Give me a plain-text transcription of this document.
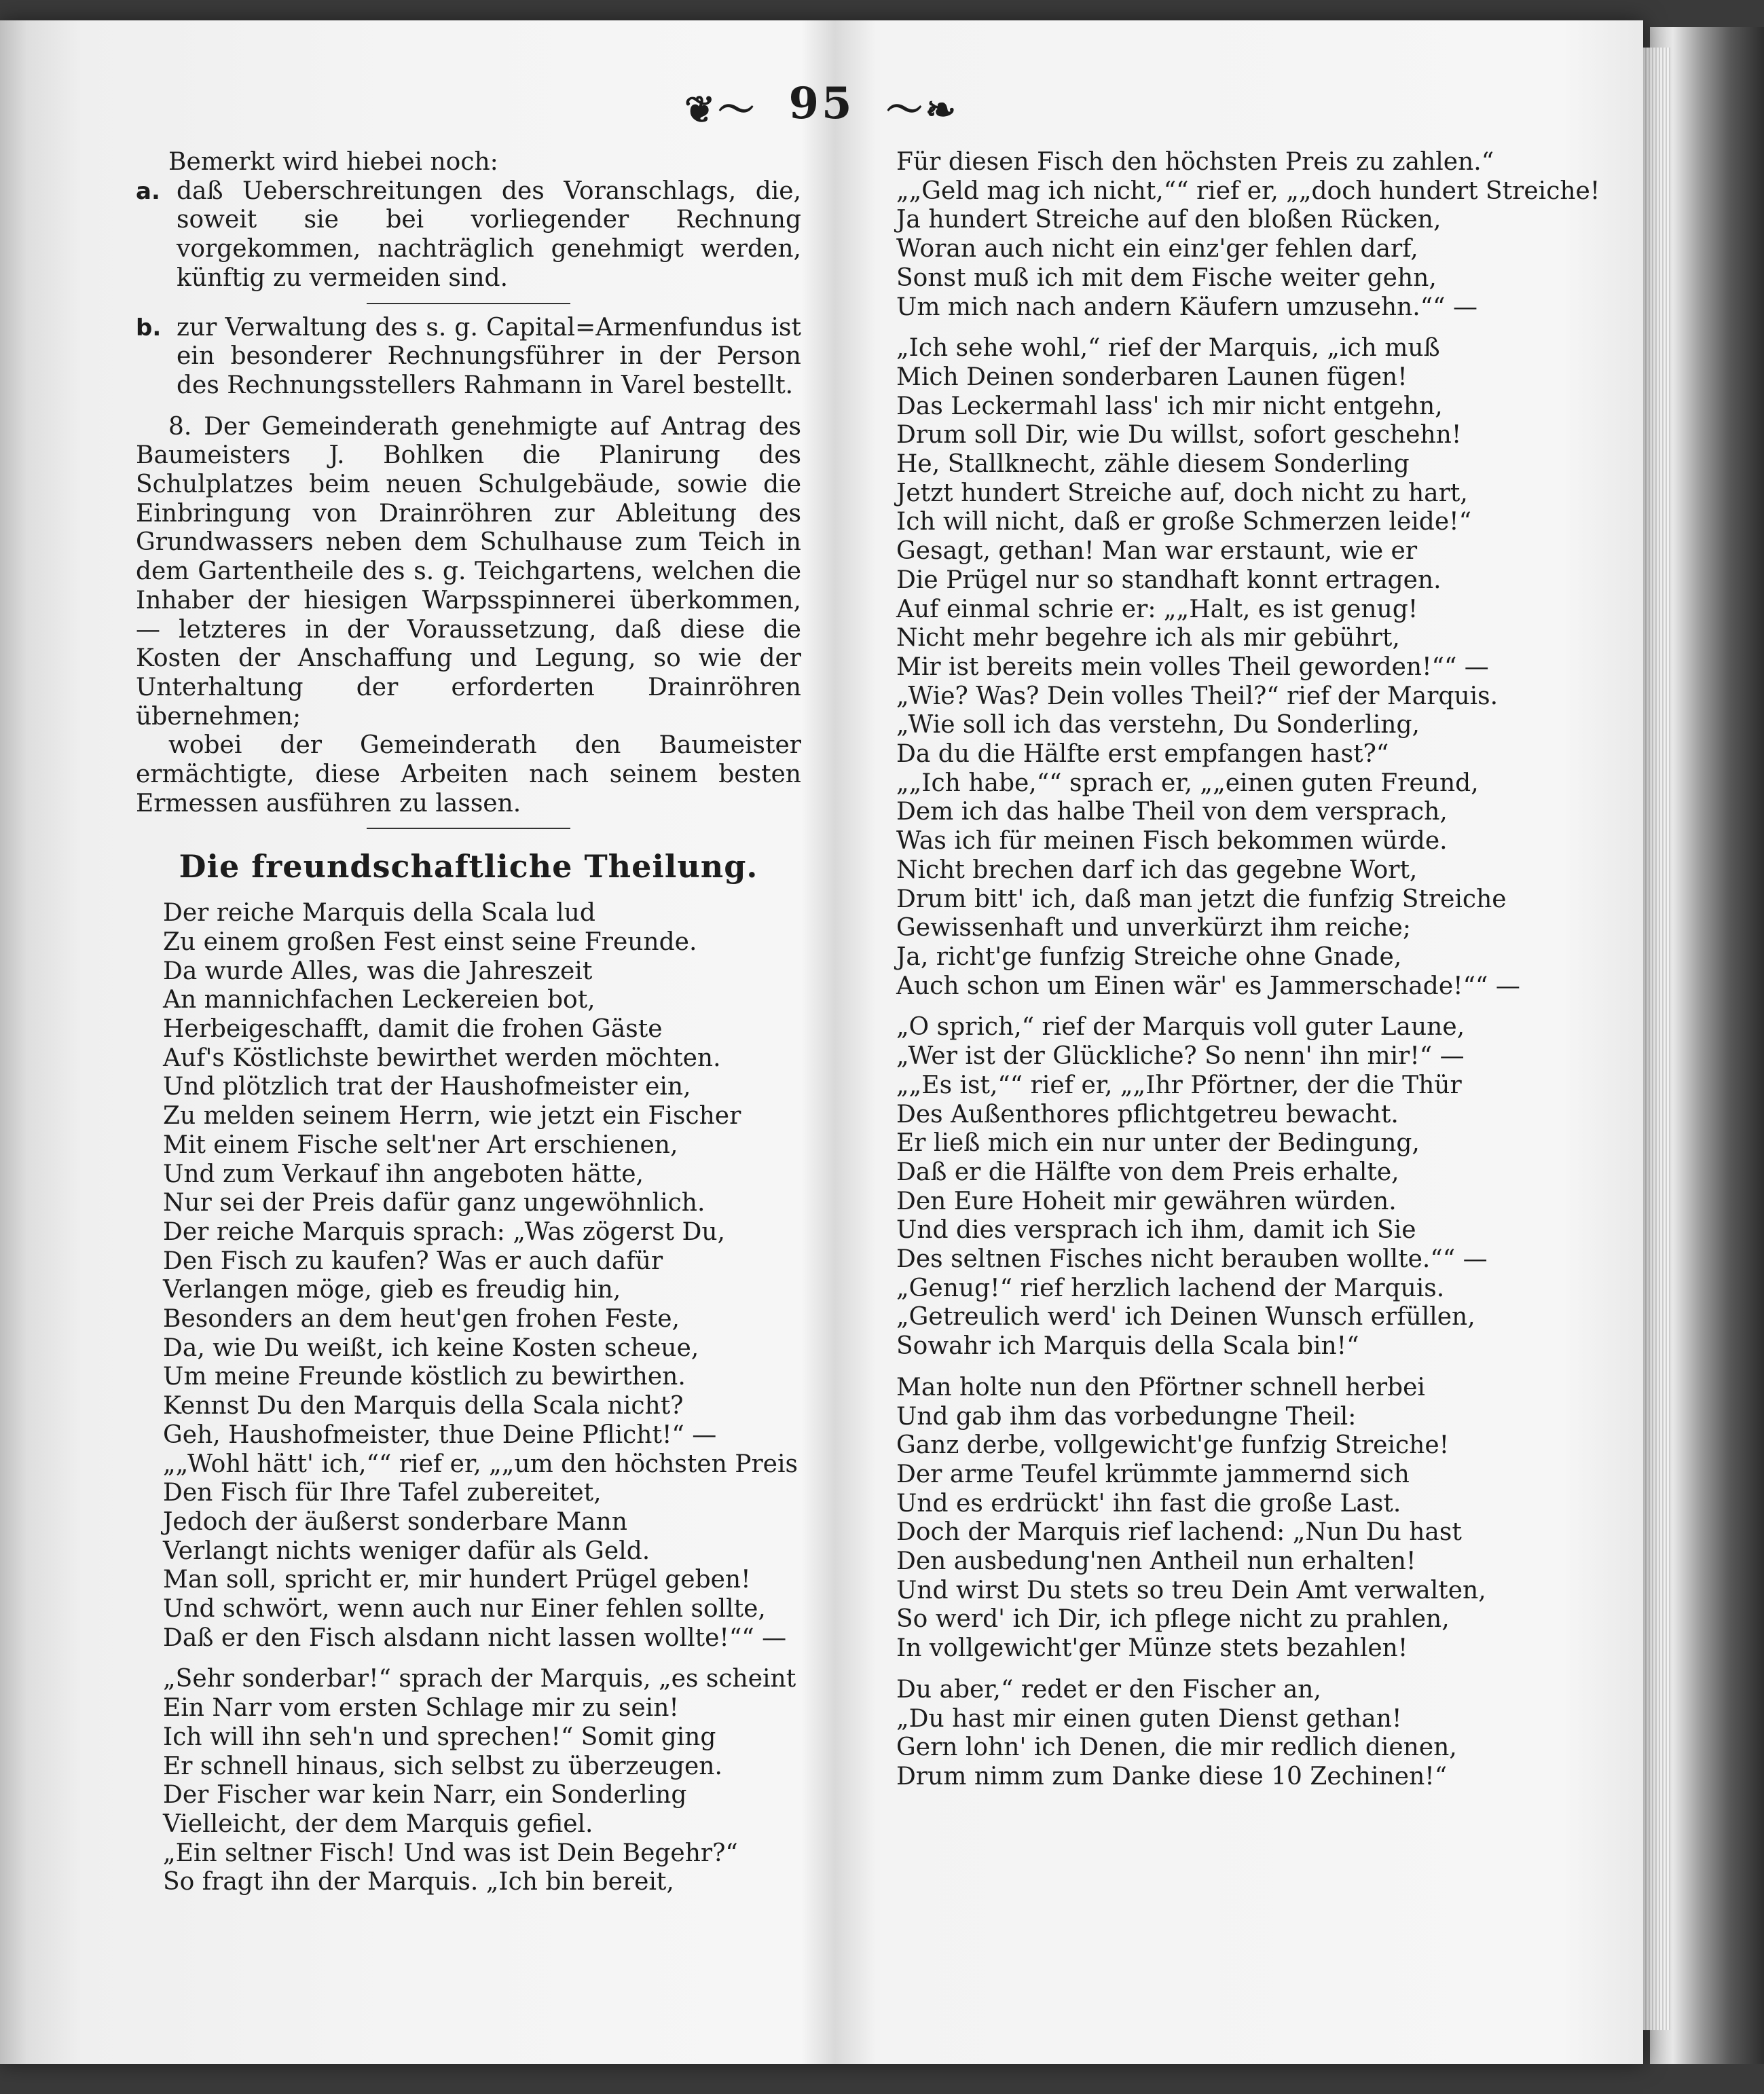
❦〜 95 〜❧
Bemerkt wird hiebei noch:
a. daß Ueberschreitungen des Voranschlags, die, soweit sie bei vorliegender Rechnung vorgekommen, nachträglich genehmigt werden, künftig zu vermeiden sind.
b. zur Verwaltung des s. g. Capital=Armenfundus ist ein besonderer Rechnungsführer in der Person des Rechnungsstellers Rahmann in Varel bestellt.
8. Der Gemeinderath genehmigte auf Antrag des Baumeisters J. Bohlken die Planirung des Schulplatzes beim neuen Schulgebäude, sowie die Einbringung von Drainröhren zur Ableitung des Grundwassers neben dem Schulhause zum Teich in dem Gartentheile des s. g. Teichgartens, welchen die Inhaber der hiesigen Warpsspinnerei überkommen, — letzteres in der Voraussetzung, daß diese die Kosten der Anschaffung und Legung, so wie der Unterhaltung der erforderten Drainröhren übernehmen;
wobei der Gemeinderath den Baumeister ermächtigte, diese Arbeiten nach seinem besten Ermessen ausführen zu lassen.
Die freundschaftliche Theilung.
Der reiche Marquis della Scala lud
Zu einem großen Fest einst seine Freunde.
Da wurde Alles, was die Jahreszeit
An mannichfachen Leckereien bot,
Herbeigeschafft, damit die frohen Gäste
Auf's Köstlichste bewirthet werden möchten.
Und plötzlich trat der Haushofmeister ein,
Zu melden seinem Herrn, wie jetzt ein Fischer
Mit einem Fische selt'ner Art erschienen,
Und zum Verkauf ihn angeboten hätte,
Nur sei der Preis dafür ganz ungewöhnlich.
Der reiche Marquis sprach: „Was zögerst Du,
Den Fisch zu kaufen? Was er auch dafür
Verlangen möge, gieb es freudig hin,
Besonders an dem heut'gen frohen Feste,
Da, wie Du weißt, ich keine Kosten scheue,
Um meine Freunde köstlich zu bewirthen.
Kennst Du den Marquis della Scala nicht?
Geh, Haushofmeister, thue Deine Pflicht!“ —
„„Wohl hätt' ich,““ rief er, „„um den höchsten Preis
Den Fisch für Ihre Tafel zubereitet,
Jedoch der äußerst sonderbare Mann
Verlangt nichts weniger dafür als Geld.
Man soll, spricht er, mir hundert Prügel geben!
Und schwört, wenn auch nur Einer fehlen sollte,
Daß er den Fisch alsdann nicht lassen wollte!““ —
„Sehr sonderbar!“ sprach der Marquis, „es scheint
Ein Narr vom ersten Schlage mir zu sein!
Ich will ihn seh'n und sprechen!“ Somit ging
Er schnell hinaus, sich selbst zu überzeugen.
Der Fischer war kein Narr, ein Sonderling
Vielleicht, der dem Marquis gefiel.
„Ein seltner Fisch! Und was ist Dein Begehr?“
So fragt ihn der Marquis. „Ich bin bereit,
Für diesen Fisch den höchsten Preis zu zahlen.“
„„Geld mag ich nicht,““ rief er, „„doch hundert Streiche!
Ja hundert Streiche auf den bloßen Rücken,
Woran auch nicht ein einz'ger fehlen darf,
Sonst muß ich mit dem Fische weiter gehn,
Um mich nach andern Käufern umzusehn.““ —
„Ich sehe wohl,“ rief der Marquis, „ich muß
Mich Deinen sonderbaren Launen fügen!
Das Leckermahl lass' ich mir nicht entgehn,
Drum soll Dir, wie Du willst, sofort geschehn!
He, Stallknecht, zähle diesem Sonderling
Jetzt hundert Streiche auf, doch nicht zu hart,
Ich will nicht, daß er große Schmerzen leide!“
Gesagt, gethan! Man war erstaunt, wie er
Die Prügel nur so standhaft konnt ertragen.
Auf einmal schrie er: „„Halt, es ist genug!
Nicht mehr begehre ich als mir gebührt,
Mir ist bereits mein volles Theil geworden!““ —
„Wie? Was? Dein volles Theil?“ rief der Marquis.
„Wie soll ich das verstehn, Du Sonderling,
Da du die Hälfte erst empfangen hast?“
„„Ich habe,““ sprach er, „„einen guten Freund,
Dem ich das halbe Theil von dem versprach,
Was ich für meinen Fisch bekommen würde.
Nicht brechen darf ich das gegebne Wort,
Drum bitt' ich, daß man jetzt die funfzig Streiche
Gewissenhaft und unverkürzt ihm reiche;
Ja, richt'ge funfzig Streiche ohne Gnade,
Auch schon um Einen wär' es Jammerschade!““ —
„O sprich,“ rief der Marquis voll guter Laune,
„Wer ist der Glückliche? So nenn' ihn mir!“ —
„„Es ist,““ rief er, „„Ihr Pförtner, der die Thür
Des Außenthores pflichtgetreu bewacht.
Er ließ mich ein nur unter der Bedingung,
Daß er die Hälfte von dem Preis erhalte,
Den Eure Hoheit mir gewähren würden.
Und dies versprach ich ihm, damit ich Sie
Des seltnen Fisches nicht berauben wollte.““ —
„Genug!“ rief herzlich lachend der Marquis.
„Getreulich werd' ich Deinen Wunsch erfüllen,
Sowahr ich Marquis della Scala bin!“
Man holte nun den Pförtner schnell herbei
Und gab ihm das vorbedungne Theil:
Ganz derbe, vollgewicht'ge funfzig Streiche!
Der arme Teufel krümmte jammernd sich
Und es erdrückt' ihn fast die große Last.
Doch der Marquis rief lachend: „Nun Du hast
Den ausbedung'nen Antheil nun erhalten!
Und wirst Du stets so treu Dein Amt verwalten,
So werd' ich Dir, ich pflege nicht zu prahlen,
In vollgewicht'ger Münze stets bezahlen!
Du aber,“ redet er den Fischer an,
„Du hast mir einen guten Dienst gethan!
Gern lohn' ich Denen, die mir redlich dienen,
Drum nimm zum Danke diese 10 Zechinen!“
